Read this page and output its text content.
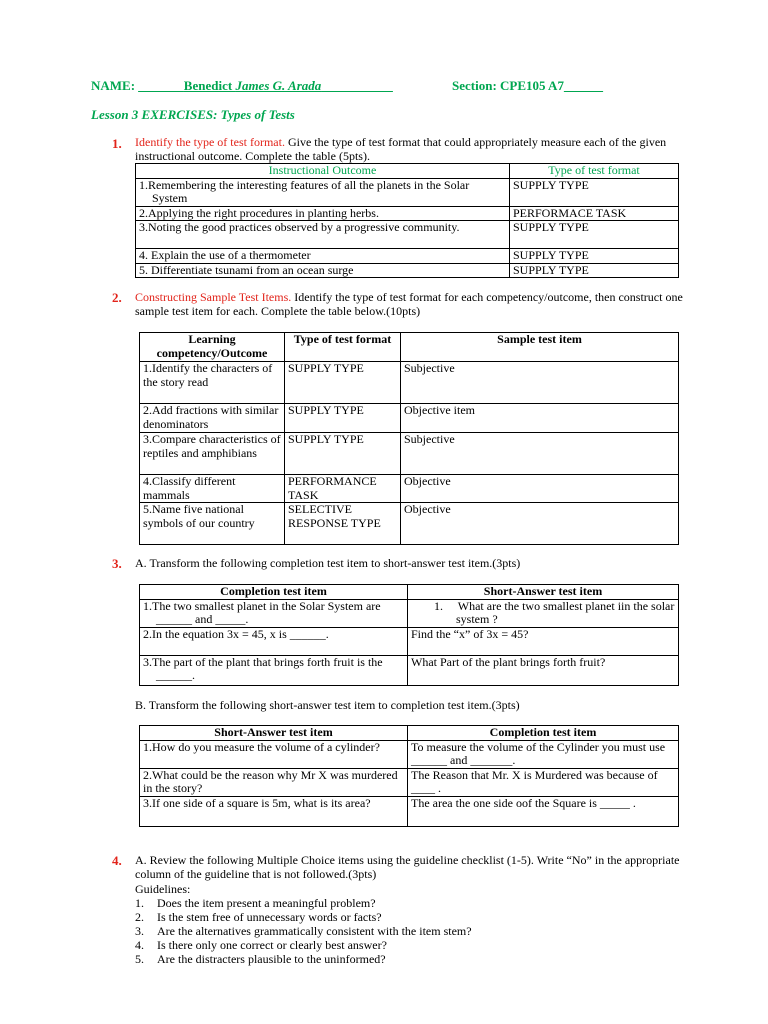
NAME: _______Benedict James G. Arada___________	Section: CPE105 A7______
Lesson 3 EXERCISES: Types of Tests
1. Identify the type of test format. Give the type of test format that could appropriately measure each of the given instructional outcome. Complete the table (5pts).
Instructional Outcome	Type of test format
1.Remembering the interesting features of all the planets in the Solar System	SUPPLY TYPE
2.Applying the right procedures in planting herbs.	PERFORMACE TASK
3.Noting the good practices observed by a progressive community.	SUPPLY TYPE
4. Explain the use of a thermometer	SUPPLY TYPE
5. Differentiate tsunami from an ocean surge	SUPPLY TYPE
2. Constructing Sample Test Items. Identify the type of test format for each competency/outcome, then construct one sample test item for each. Complete the table below.(10pts)
Learning competency/Outcome	Type of test format	Sample test item
1.Identify the characters of the story read	SUPPLY TYPE	Subjective
2.Add fractions with similar denominators	SUPPLY TYPE	Objective item
3.Compare characteristics of reptiles and amphibians	SUPPLY TYPE	Subjective
4.Classify different mammals	PERFORMANCE TASK	Objective
5.Name five national symbols of our country	SELECTIVE RESPONSE TYPE	Objective
3. A. Transform the following completion test item to short-answer test item.(3pts)
Completion test item	Short-Answer test item
1.The two smallest planet in the Solar System are ______ and _____.	1.     What are the two smallest planet iin the solar system ?
2.In the equation 3x = 45, x is ______.	Find the “x” of 3x = 45?
3.The part of the plant that brings forth fruit is the ______.	What Part of the plant brings forth fruit?
B. Transform the following short-answer test item to completion test item.(3pts)
Short-Answer test item	Completion test item
1.How do you measure the volume of a cylinder?	To measure the volume of the Cylinder you must use ______ and _______.
2.What could be the reason why Mr X was murdered in the story?	The Reason that Mr. X is Murdered was because of ____ .
3.If one side of a square is 5m, what is its area?	The area the one side oof the Square is _____ .
4. A. Review the following Multiple Choice items using the guideline checklist (1-5). Write “No” in the appropriate column of the guideline that is not followed.(3pts)
Guidelines:
1. Does the item present a meaningful problem?
2. Is the stem free of unnecessary words or facts?
3. Are the alternatives grammatically consistent with the item stem?
4. Is there only one correct or clearly best answer?
5. Are the distracters plausible to the uninformed?
